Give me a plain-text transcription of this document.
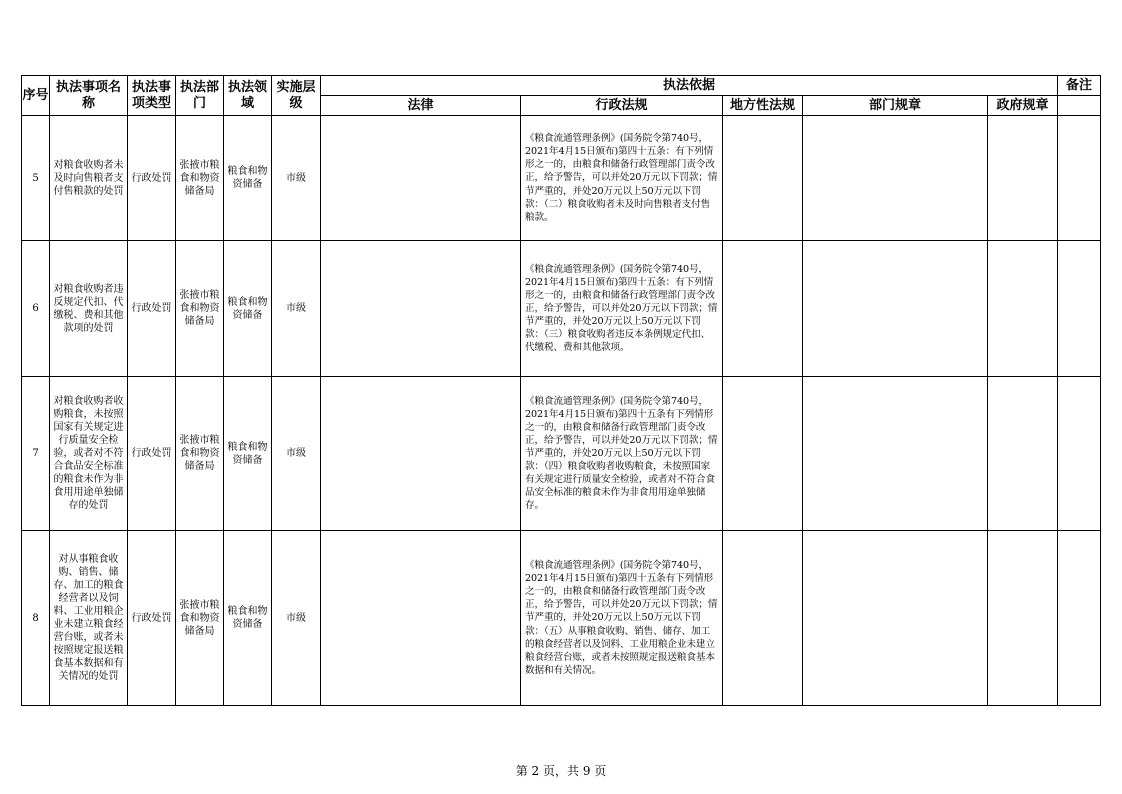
序号	执法事项名称	执法事项类型	执法部门	执法领域	实施层级	执法依据					备注
						法律	行政法规	地方性法规	部门规章	政府规章	
5	对粮食收购者未及时向售粮者支付售粮款的处罚	行政处罚	张掖市粮食和物资储备局	粮食和物资储备	市级		《粮食流通管理条例》(国务院令第740号，2021年4月15日颁布)第四十五条：有下列情形之一的，由粮食和储备行政管理部门责令改正，给予警告，可以并处20万元以下罚款；情节严重的，并处20万元以上50万元以下罚款：（二）粮食收购者未及时向售粮者支付售粮款。				
6	对粮食收购者违反规定代扣、代缴税、费和其他款项的处罚	行政处罚	张掖市粮食和物资储备局	粮食和物资储备	市级		《粮食流通管理条例》(国务院令第740号，2021年4月15日颁布)第四十五条：有下列情形之一的，由粮食和储备行政管理部门责令改正，给予警告，可以并处20万元以下罚款；情节严重的，并处20万元以上50万元以下罚款：（三）粮食收购者违反本条例规定代扣、代缴税、费和其他款项。				
7	对粮食收购者收购粮食，未按照国家有关规定进行质量安全检验，或者对不符合食品安全标准的粮食未作为非食用用途单独储存的处罚	行政处罚	张掖市粮食和物资储备局	粮食和物资储备	市级		《粮食流通管理条例》(国务院令第740号，2021年4月15日颁布)第四十五条有下列情形之一的，由粮食和储备行政管理部门责令改正，给予警告，可以并处20万元以下罚款；情节严重的，并处20万元以上50万元以下罚款：（四）粮食收购者收购粮食，未按照国家有关规定进行质量安全检验，或者对不符合食品安全标准的粮食未作为非食用用途单独储存。				
8	对从事粮食收购、销售、储存、加工的粮食经营者以及饲料、工业用粮企业未建立粮食经营台账，或者未按照规定报送粮食基本数据和有关情况的处罚	行政处罚	张掖市粮食和物资储备局	粮食和物资储备	市级		《粮食流通管理条例》(国务院令第740号，2021年4月15日颁布)第四十五条有下列情形之一的，由粮食和储备行政管理部门责令改正，给予警告，可以并处20万元以下罚款；情节严重的，并处20万元以上50万元以下罚款：（五）从事粮食收购、销售、储存、加工的粮食经营者以及饲料、工业用粮企业未建立粮食经营台账，或者未按照规定报送粮食基本数据和有关情况。				
第 2 页，共 9 页
